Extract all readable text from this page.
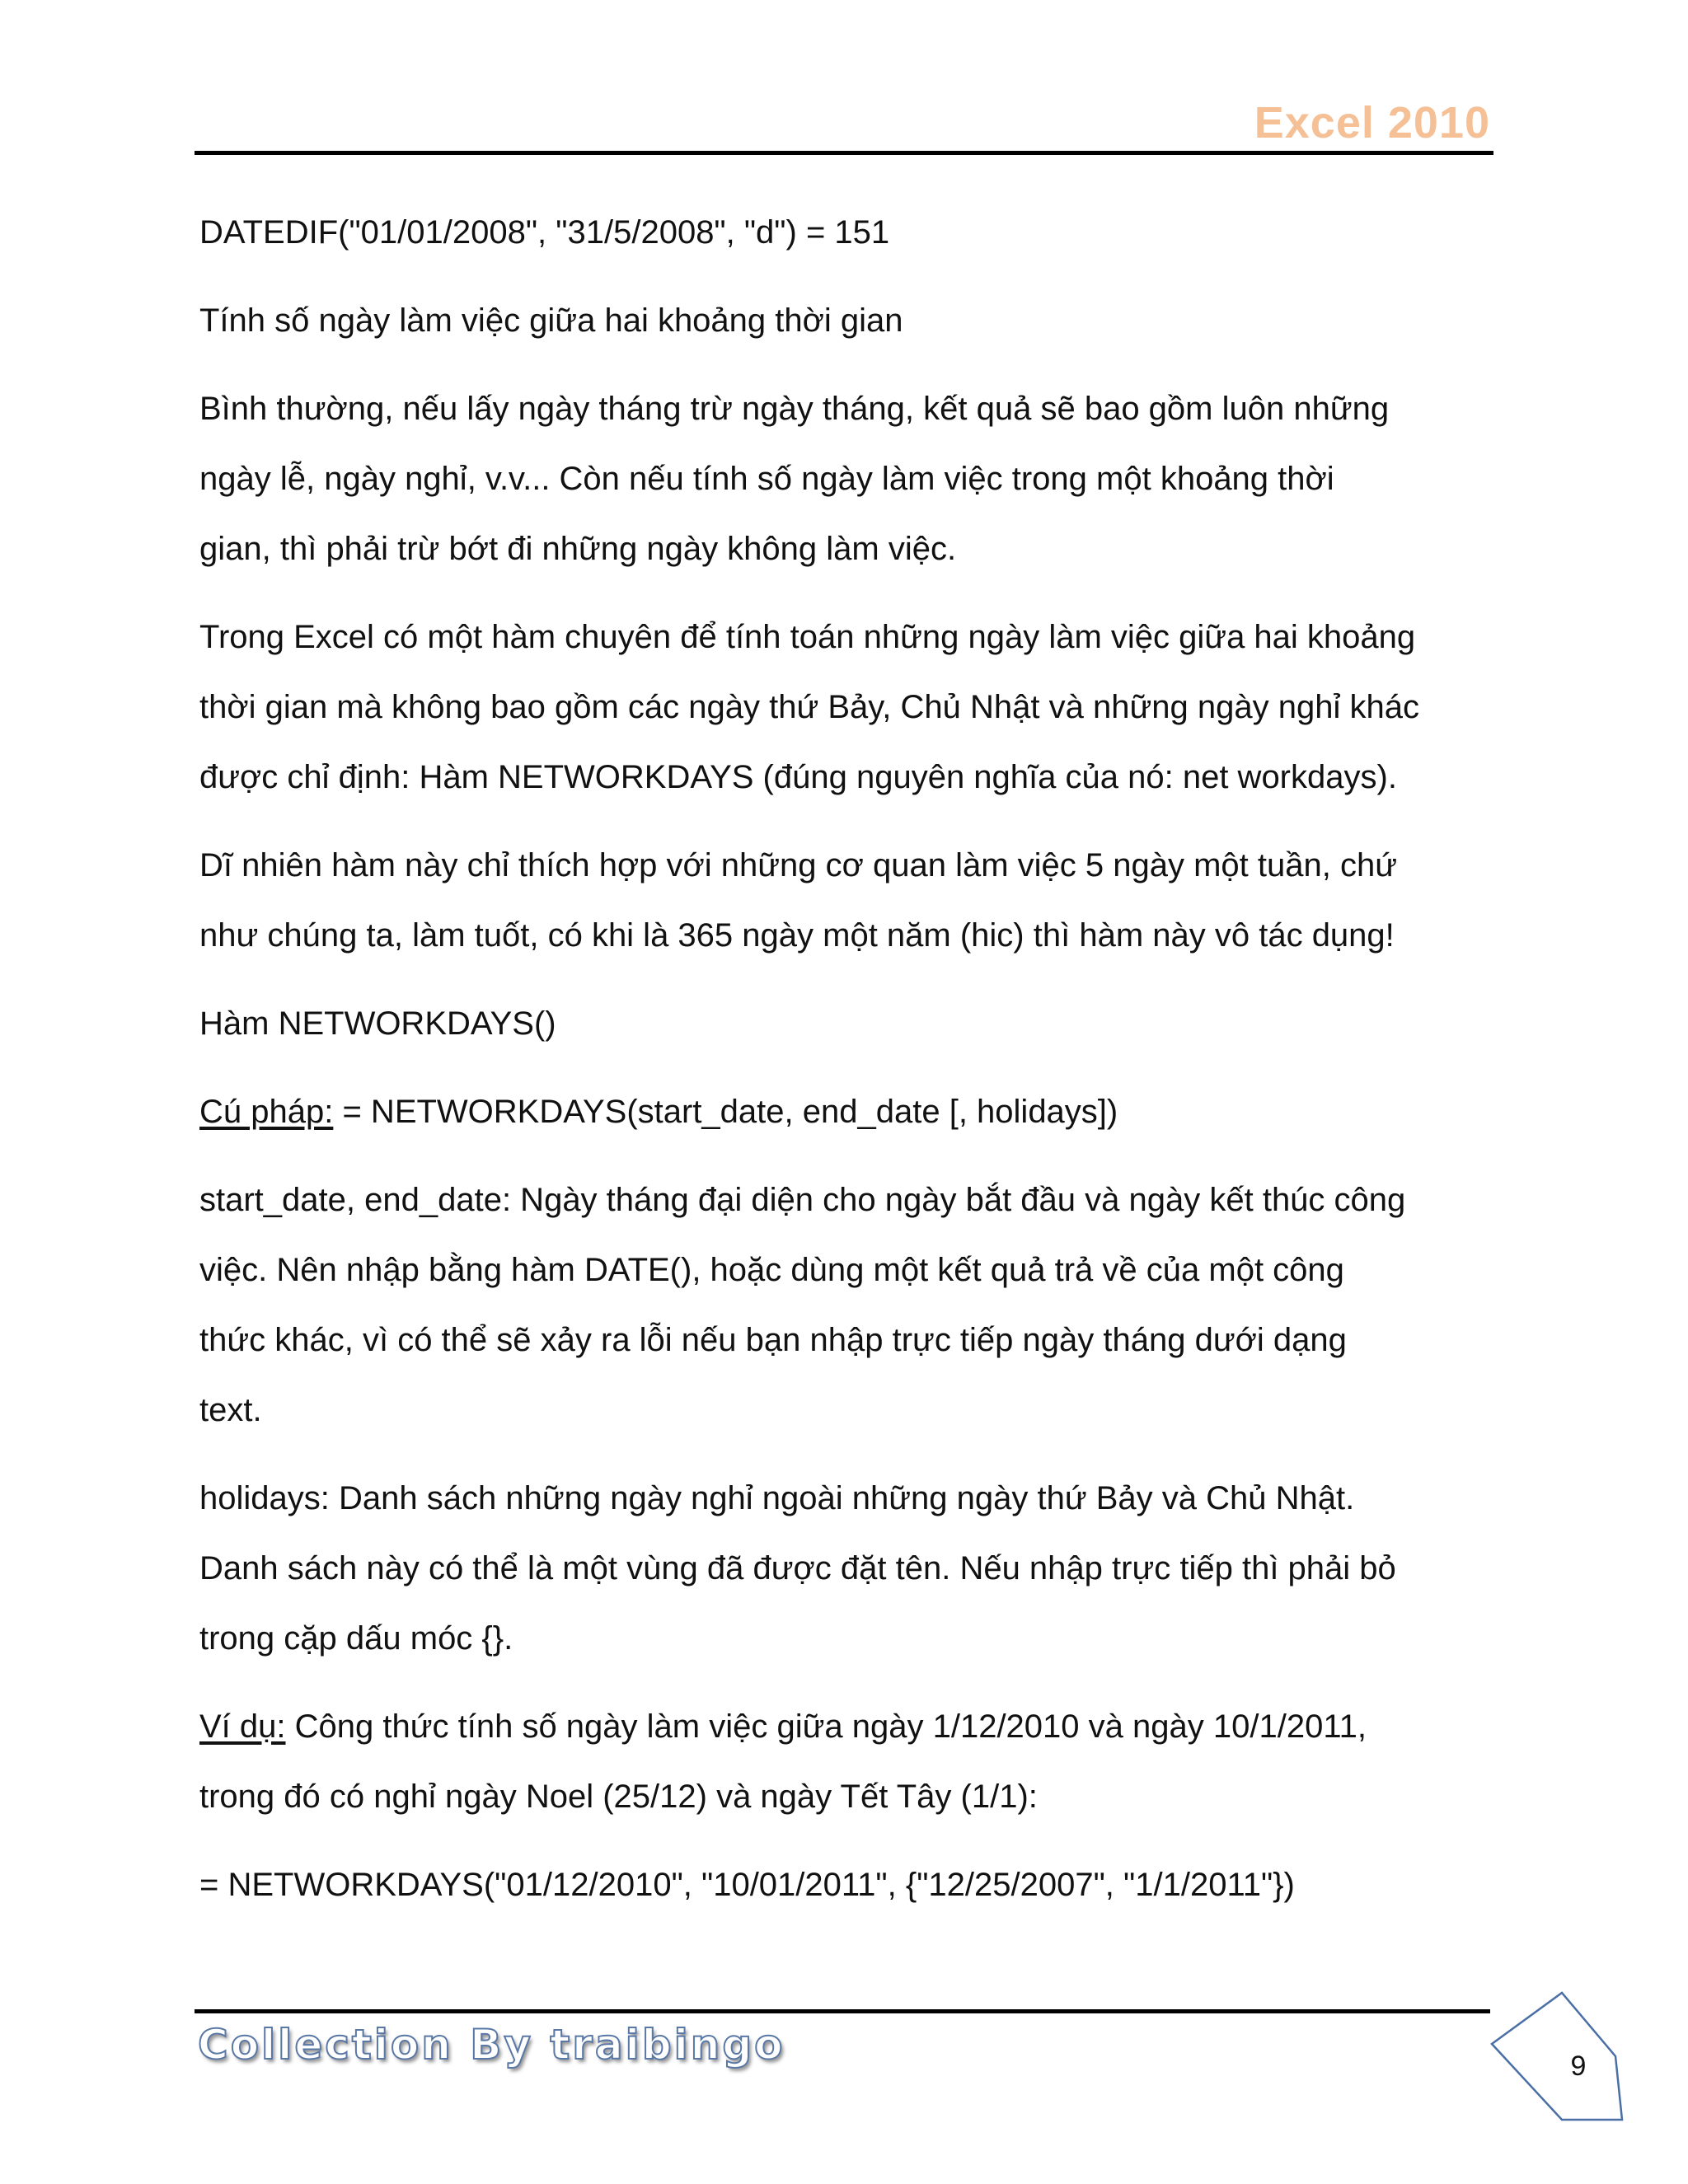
Excel 2010

DATEDIF("01/01/2008", "31/5/2008", "d") = 151

Tính số ngày làm việc giữa hai khoảng thời gian

Bình thường, nếu lấy ngày tháng trừ ngày tháng, kết quả sẽ bao gồm luôn những
ngày lễ, ngày nghỉ, v.v... Còn nếu tính số ngày làm việc trong một khoảng thời
gian, thì phải trừ bớt đi những ngày không làm việc.

Trong Excel có một hàm chuyên để tính toán những ngày làm việc giữa hai khoảng
thời gian mà không bao gồm các ngày thứ Bảy, Chủ Nhật và những ngày nghỉ khác
được chỉ định: Hàm NETWORKDAYS (đúng nguyên nghĩa của nó: net workdays).

Dĩ nhiên hàm này chỉ thích hợp với những cơ quan làm việc 5 ngày một tuần, chứ
như chúng ta, làm tuốt, có khi là 365 ngày một năm (hic) thì hàm này vô tác dụng!

Hàm NETWORKDAYS()

Cú pháp: = NETWORKDAYS(start_date, end_date [, holidays])

start_date, end_date: Ngày tháng đại diện cho ngày bắt đầu và ngày kết thúc công
việc. Nên nhập bằng hàm DATE(), hoặc dùng một kết quả trả về của một công
thức khác, vì có thể sẽ xảy ra lỗi nếu bạn nhập trực tiếp ngày tháng dưới dạng
text.

holidays: Danh sách những ngày nghỉ ngoài những ngày thứ Bảy và Chủ Nhật.
Danh sách này có thể là một vùng đã được đặt tên. Nếu nhập trực tiếp thì phải bỏ
trong cặp dấu móc {}.

Ví dụ: Công thức tính số ngày làm việc giữa ngày 1/12/2010 và ngày 10/1/2011,
trong đó có nghỉ ngày Noel (25/12) và ngày Tết Tây (1/1):

= NETWORKDAYS("01/12/2010", "10/01/2011", {"12/25/2007", "1/1/2011"})

Collection By traibingo	9
